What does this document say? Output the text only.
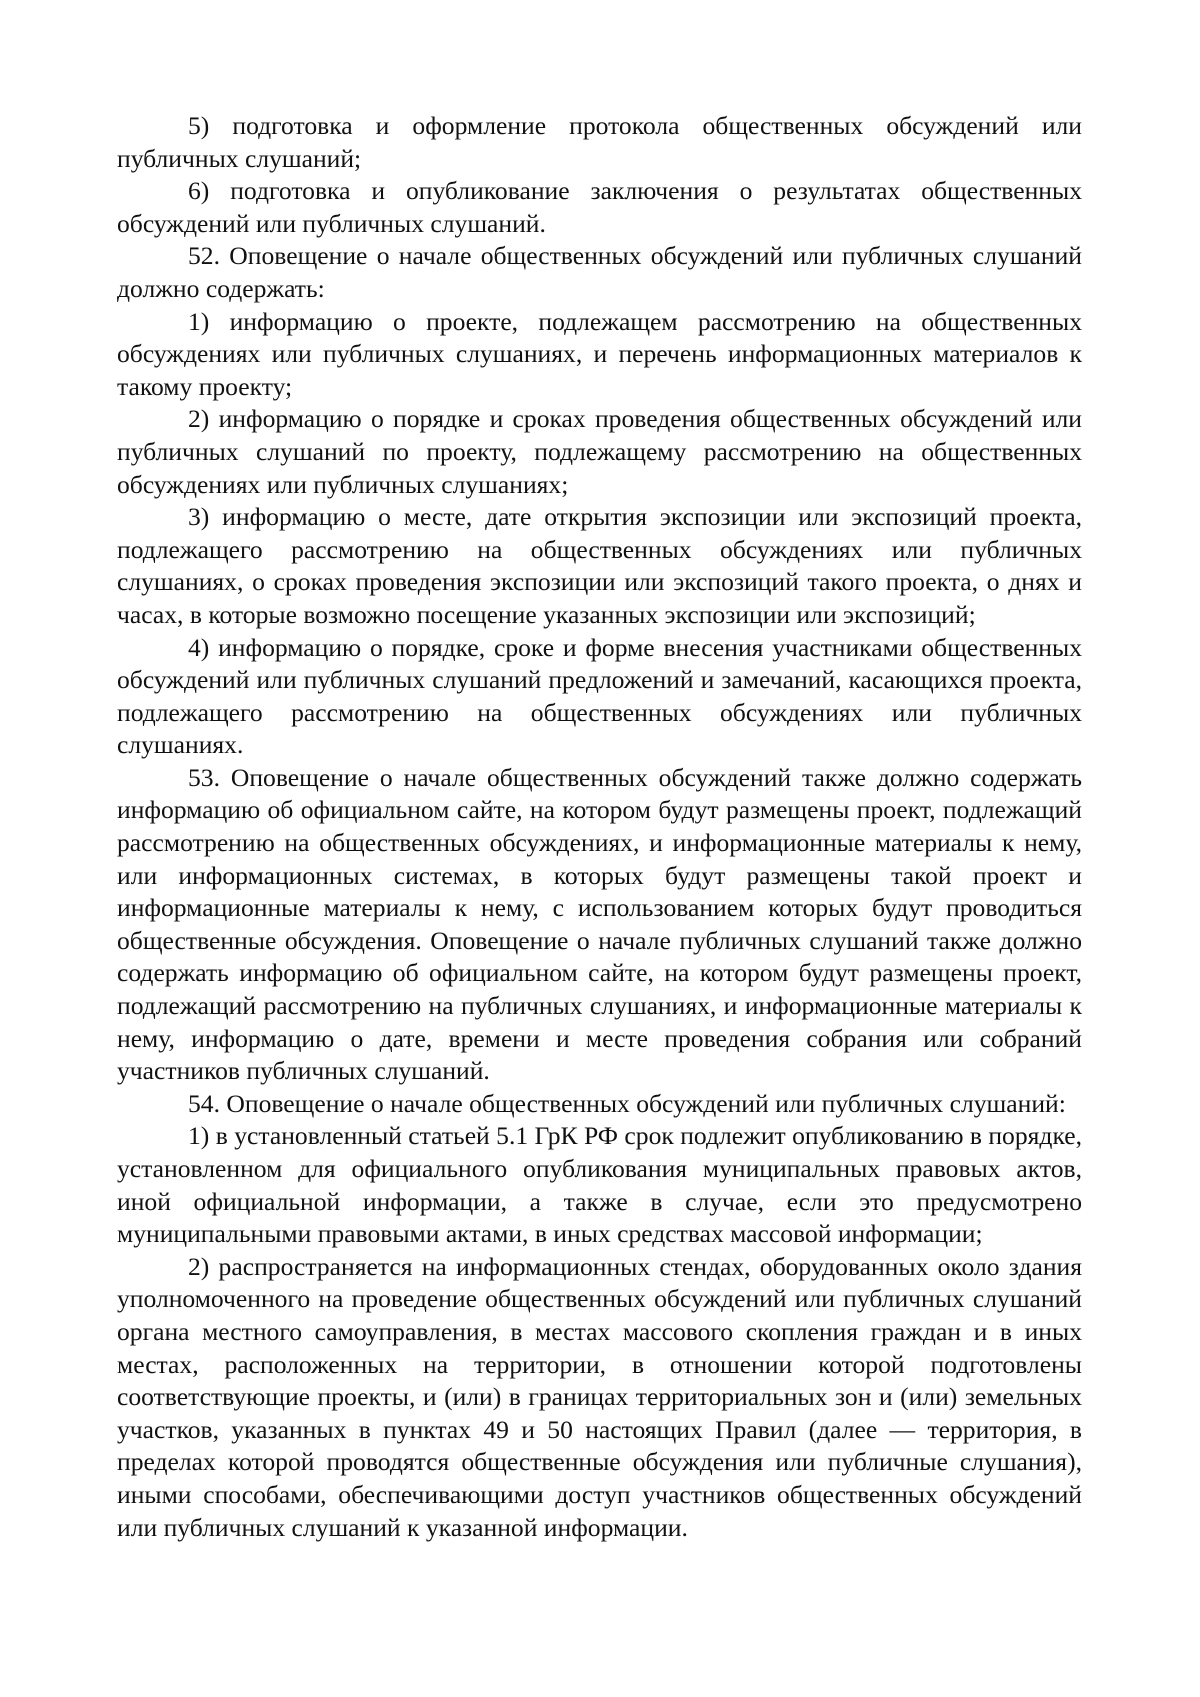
5) подготовка и оформление протокола общественных обсуждений или публичных слушаний;

6) подготовка и опубликование заключения о результатах общественных обсуждений или публичных слушаний.

52. Оповещение о начале общественных обсуждений или публичных слушаний должно содержать:

1) информацию о проекте, подлежащем рассмотрению на общественных обсуждениях или публичных слушаниях, и перечень информационных материалов к такому проекту;

2) информацию о порядке и сроках проведения общественных обсуждений или публичных слушаний по проекту, подлежащему рассмотрению на общественных обсуждениях или публичных слушаниях;

3) информацию о месте, дате открытия экспозиции или экспозиций проекта, подлежащего рассмотрению на общественных обсуждениях или публичных слушаниях, о сроках проведения экспозиции или экспозиций такого проекта, о днях и часах, в которые возможно посещение указанных экспозиции или экспозиций;

4) информацию о порядке, сроке и форме внесения участниками общественных обсуждений или публичных слушаний предложений и замечаний, касающихся проекта, подлежащего рассмотрению на общественных обсуждениях или публичных слушаниях.

53. Оповещение о начале общественных обсуждений также должно содержать информацию об официальном сайте, на котором будут размещены проект, подлежащий рассмотрению на общественных обсуждениях, и информационные материалы к нему, или информационных системах, в которых будут размещены такой проект и информационные материалы к нему, с использованием которых будут проводиться общественные обсуждения. Оповещение о начале публичных слушаний также должно содержать информацию об официальном сайте, на котором будут размещены проект, подлежащий рассмотрению на публичных слушаниях, и информационные материалы к нему, информацию о дате, времени и месте проведения собрания или собраний участников публичных слушаний.

54. Оповещение о начале общественных обсуждений или публичных слушаний:

1) в установленный статьей 5.1 ГрК РФ срок подлежит опубликованию в порядке, установленном для официального опубликования муниципальных правовых актов, иной официальной информации, а также в случае, если это предусмотрено муниципальными правовыми актами, в иных средствах массовой информации;

2) распространяется на информационных стендах, оборудованных около здания уполномоченного на проведение общественных обсуждений или публичных слушаний органа местного самоуправления, в местах массового скопления граждан и в иных местах, расположенных на территории, в отношении которой подготовлены соответствующие проекты, и (или) в границах территориальных зон и (или) земельных участков, указанных в пунктах 49 и 50 настоящих Правил (далее — территория, в пределах которой проводятся общественные обсуждения или публичные слушания), иными способами, обеспечивающими доступ участников общественных обсуждений или публичных слушаний к указанной информации.
